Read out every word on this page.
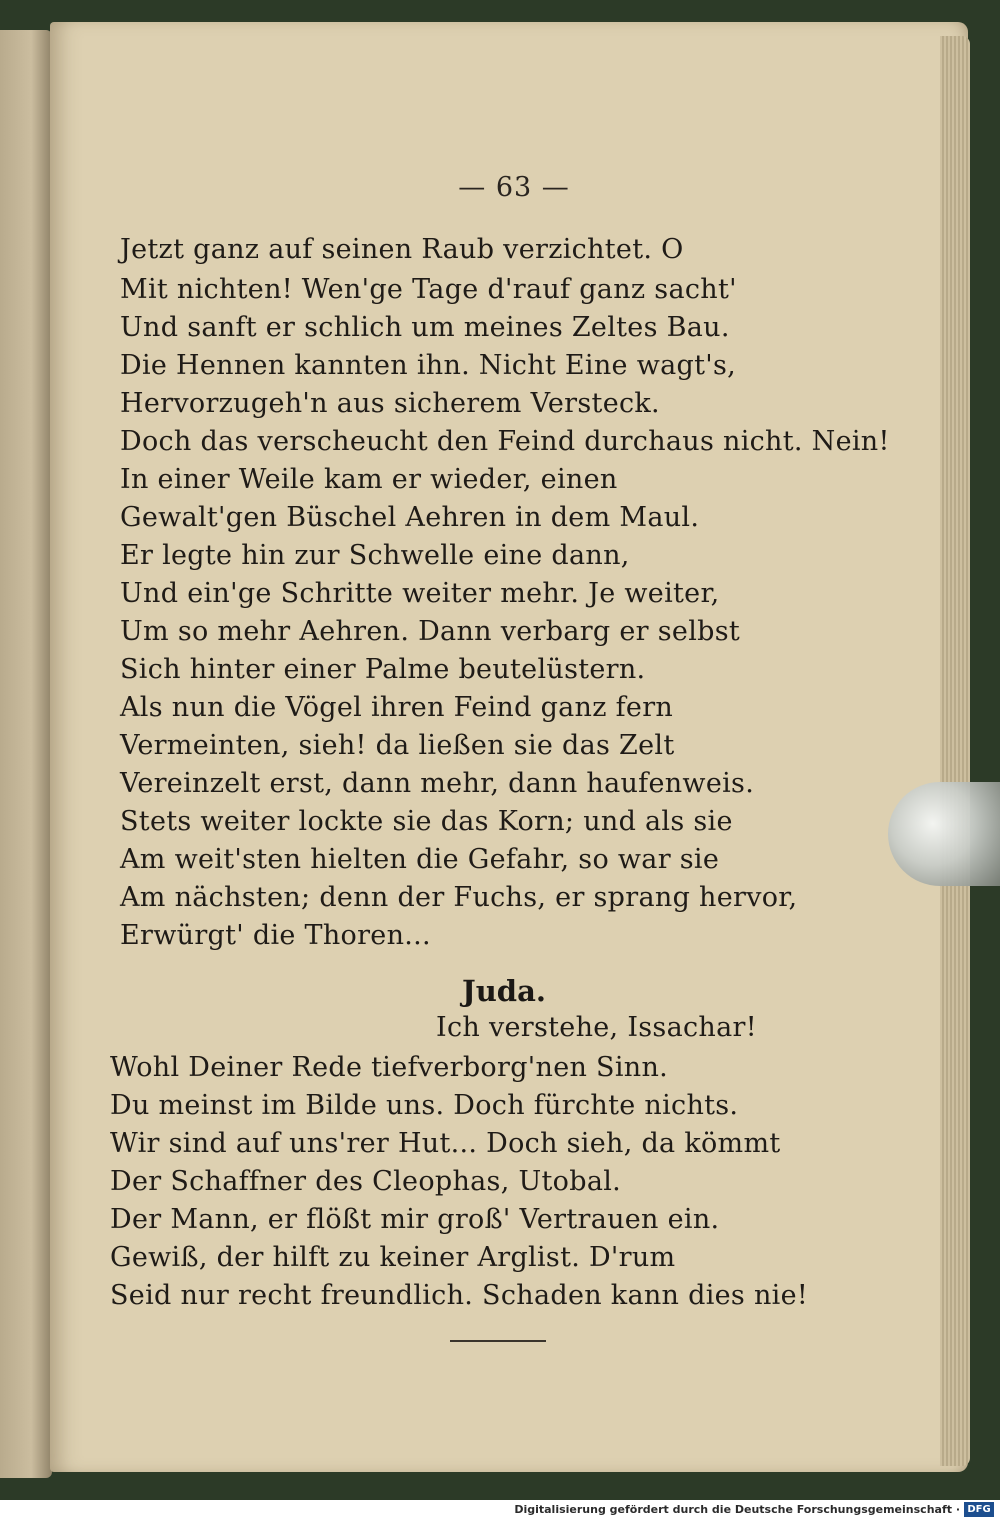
— 63 —
Jetzt ganz auf seinen Raub verzichtet. O
Mit nichten! Wen'ge Tage d'rauf ganz sacht'
Und sanft er schlich um meines Zeltes Bau.
Die Hennen kannten ihn. Nicht Eine wagt's,
Hervorzugeh'n aus sicherem Versteck.
Doch das verscheucht den Feind durchaus nicht. Nein!
In einer Weile kam er wieder, einen
Gewalt'gen Büschel Aehren in dem Maul.
Er legte hin zur Schwelle eine dann,
Und ein'ge Schritte weiter mehr. Je weiter,
Um so mehr Aehren. Dann verbarg er selbst
Sich hinter einer Palme beutelüstern.
Als nun die Vögel ihren Feind ganz fern
Vermeinten, sieh! da ließen sie das Zelt
Vereinzelt erst, dann mehr, dann haufenweis.
Stets weiter lockte sie das Korn; und als sie
Am weit'sten hielten die Gefahr, so war sie
Am nächsten; denn der Fuchs, er sprang hervor,
Erwürgt' die Thoren...
Juda.
Ich verstehe, Issachar!
Wohl Deiner Rede tiefverborg'nen Sinn.
Du meinst im Bilde uns. Doch fürchte nichts.
Wir sind auf uns'rer Hut... Doch sieh, da kömmt
Der Schaffner des Cleophas, Utobal.
Der Mann, er flößt mir groß' Vertrauen ein.
Gewiß, der hilft zu keiner Arglist. D'rum
Seid nur recht freundlich. Schaden kann dies nie!
Digitalisierung gefördert durch die Deutsche Forschungsgemeinschaft · DFG
